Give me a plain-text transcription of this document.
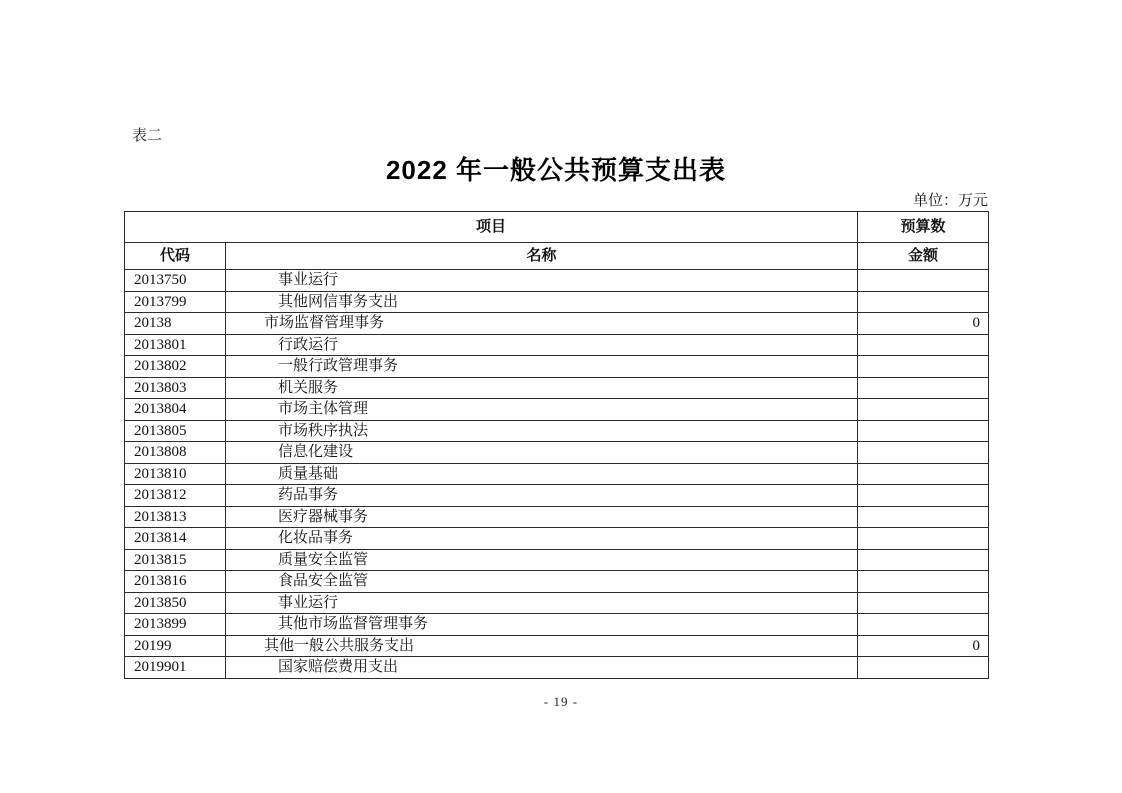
表二
2022 年一般公共预算支出表
单位：万元
项目		预算数
代码	名称	金额
2013750	事业运行	
2013799	其他网信事务支出	
20138	市场监督管理事务	0
2013801	行政运行	
2013802	一般行政管理事务	
2013803	机关服务	
2013804	市场主体管理	
2013805	市场秩序执法	
2013808	信息化建设	
2013810	质量基础	
2013812	药品事务	
2013813	医疗器械事务	
2013814	化妆品事务	
2013815	质量安全监管	
2013816	食品安全监管	
2013850	事业运行	
2013899	其他市场监督管理事务	
20199	其他一般公共服务支出	0
2019901	国家赔偿费用支出	
- 19 -
